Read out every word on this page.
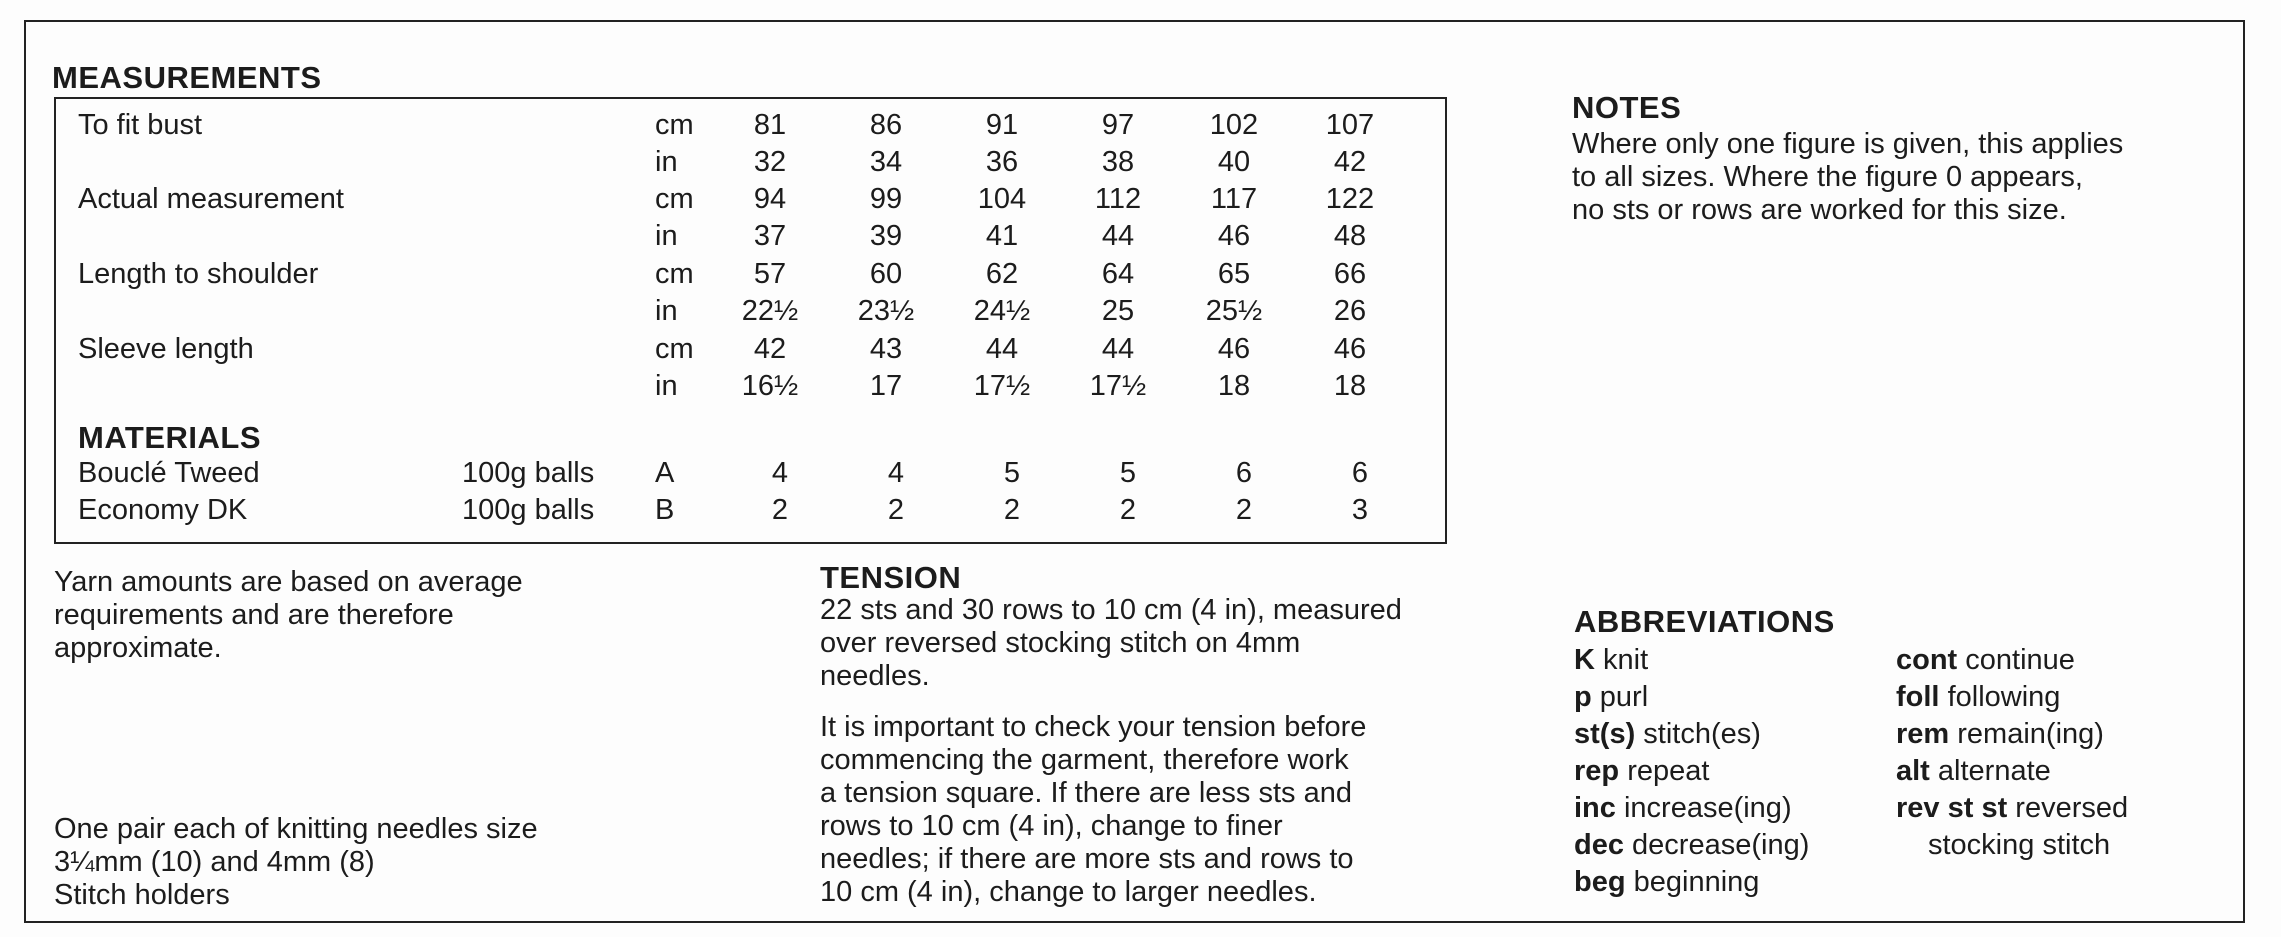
MEASUREMENTS
To fit bust	cm	81	86	91	97	102	107
in	32	34	36	38	40	42
Actual measurement	cm	94	99	104	112	117	122
in	37	39	41	44	46	48
Length to shoulder	cm	57	60	62	64	65	66
in	22½	23½	24½	25	25½	26
Sleeve length	cm	42	43	44	44	46	46
in	16½	17	17½	17½	18	18
MATERIALS
Bouclé Tweed	100g balls A	4	4	5	5	6	6
Economy DK	100g balls B	2	2	2	2	2	3
Yarn amounts are based on average
requirements and are therefore
approximate.
One pair each of knitting needles size
3¼mm (10) and 4mm (8)
Stitch holders
TENSION
22 sts and 30 rows to 10 cm (4 in), measured
over reversed stocking stitch on 4mm
needles.
It is important to check your tension before
commencing the garment, therefore work
a tension square. If there are less sts and
rows to 10 cm (4 in), change to finer
needles; if there are more sts and rows to
10 cm (4 in), change to larger needles.
NOTES
Where only one figure is given, this applies
to all sizes. Where the figure 0 appears,
no sts or rows are worked for this size.
ABBREVIATIONS
K knit
p purl
st(s) stitch(es)
rep repeat
inc increase(ing)
dec decrease(ing)
beg beginning
cont continue
foll following
rem remain(ing)
alt alternate
rev st st reversed
stocking stitch
